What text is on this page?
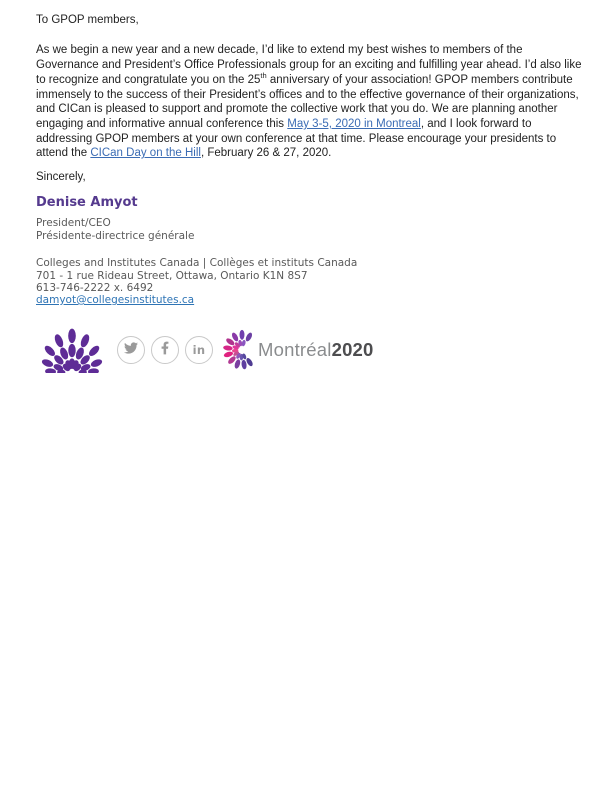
To GPOP members,

As we begin a new year and a new decade, I’d like to extend my best wishes to members of the Governance and President’s Office Professionals group for an exciting and fulfilling year ahead. I’d also like to recognize and congratulate you on the 25th anniversary of your association! GPOP members contribute immensely to the success of their President’s offices and to the effective governance of their organizations, and CICan is pleased to support and promote the collective work that you do. We are planning another engaging and informative annual conference this May 3-5, 2020 in Montreal, and I look forward to addressing GPOP members at your own conference at that time. Please encourage your presidents to attend the CICan Day on the Hill, February 26 & 27, 2020.

Sincerely,

Denise Amyot

President/CEO
Présidente-directrice générale
Colleges and Institutes Canada | Collèges et instituts Canada
701 - 1 rue Rideau Street, Ottawa, Ontario K1N 8S7
613-746-2222 x. 6492
damyot@collegesinstitutes.ca
in	Montréal2020
